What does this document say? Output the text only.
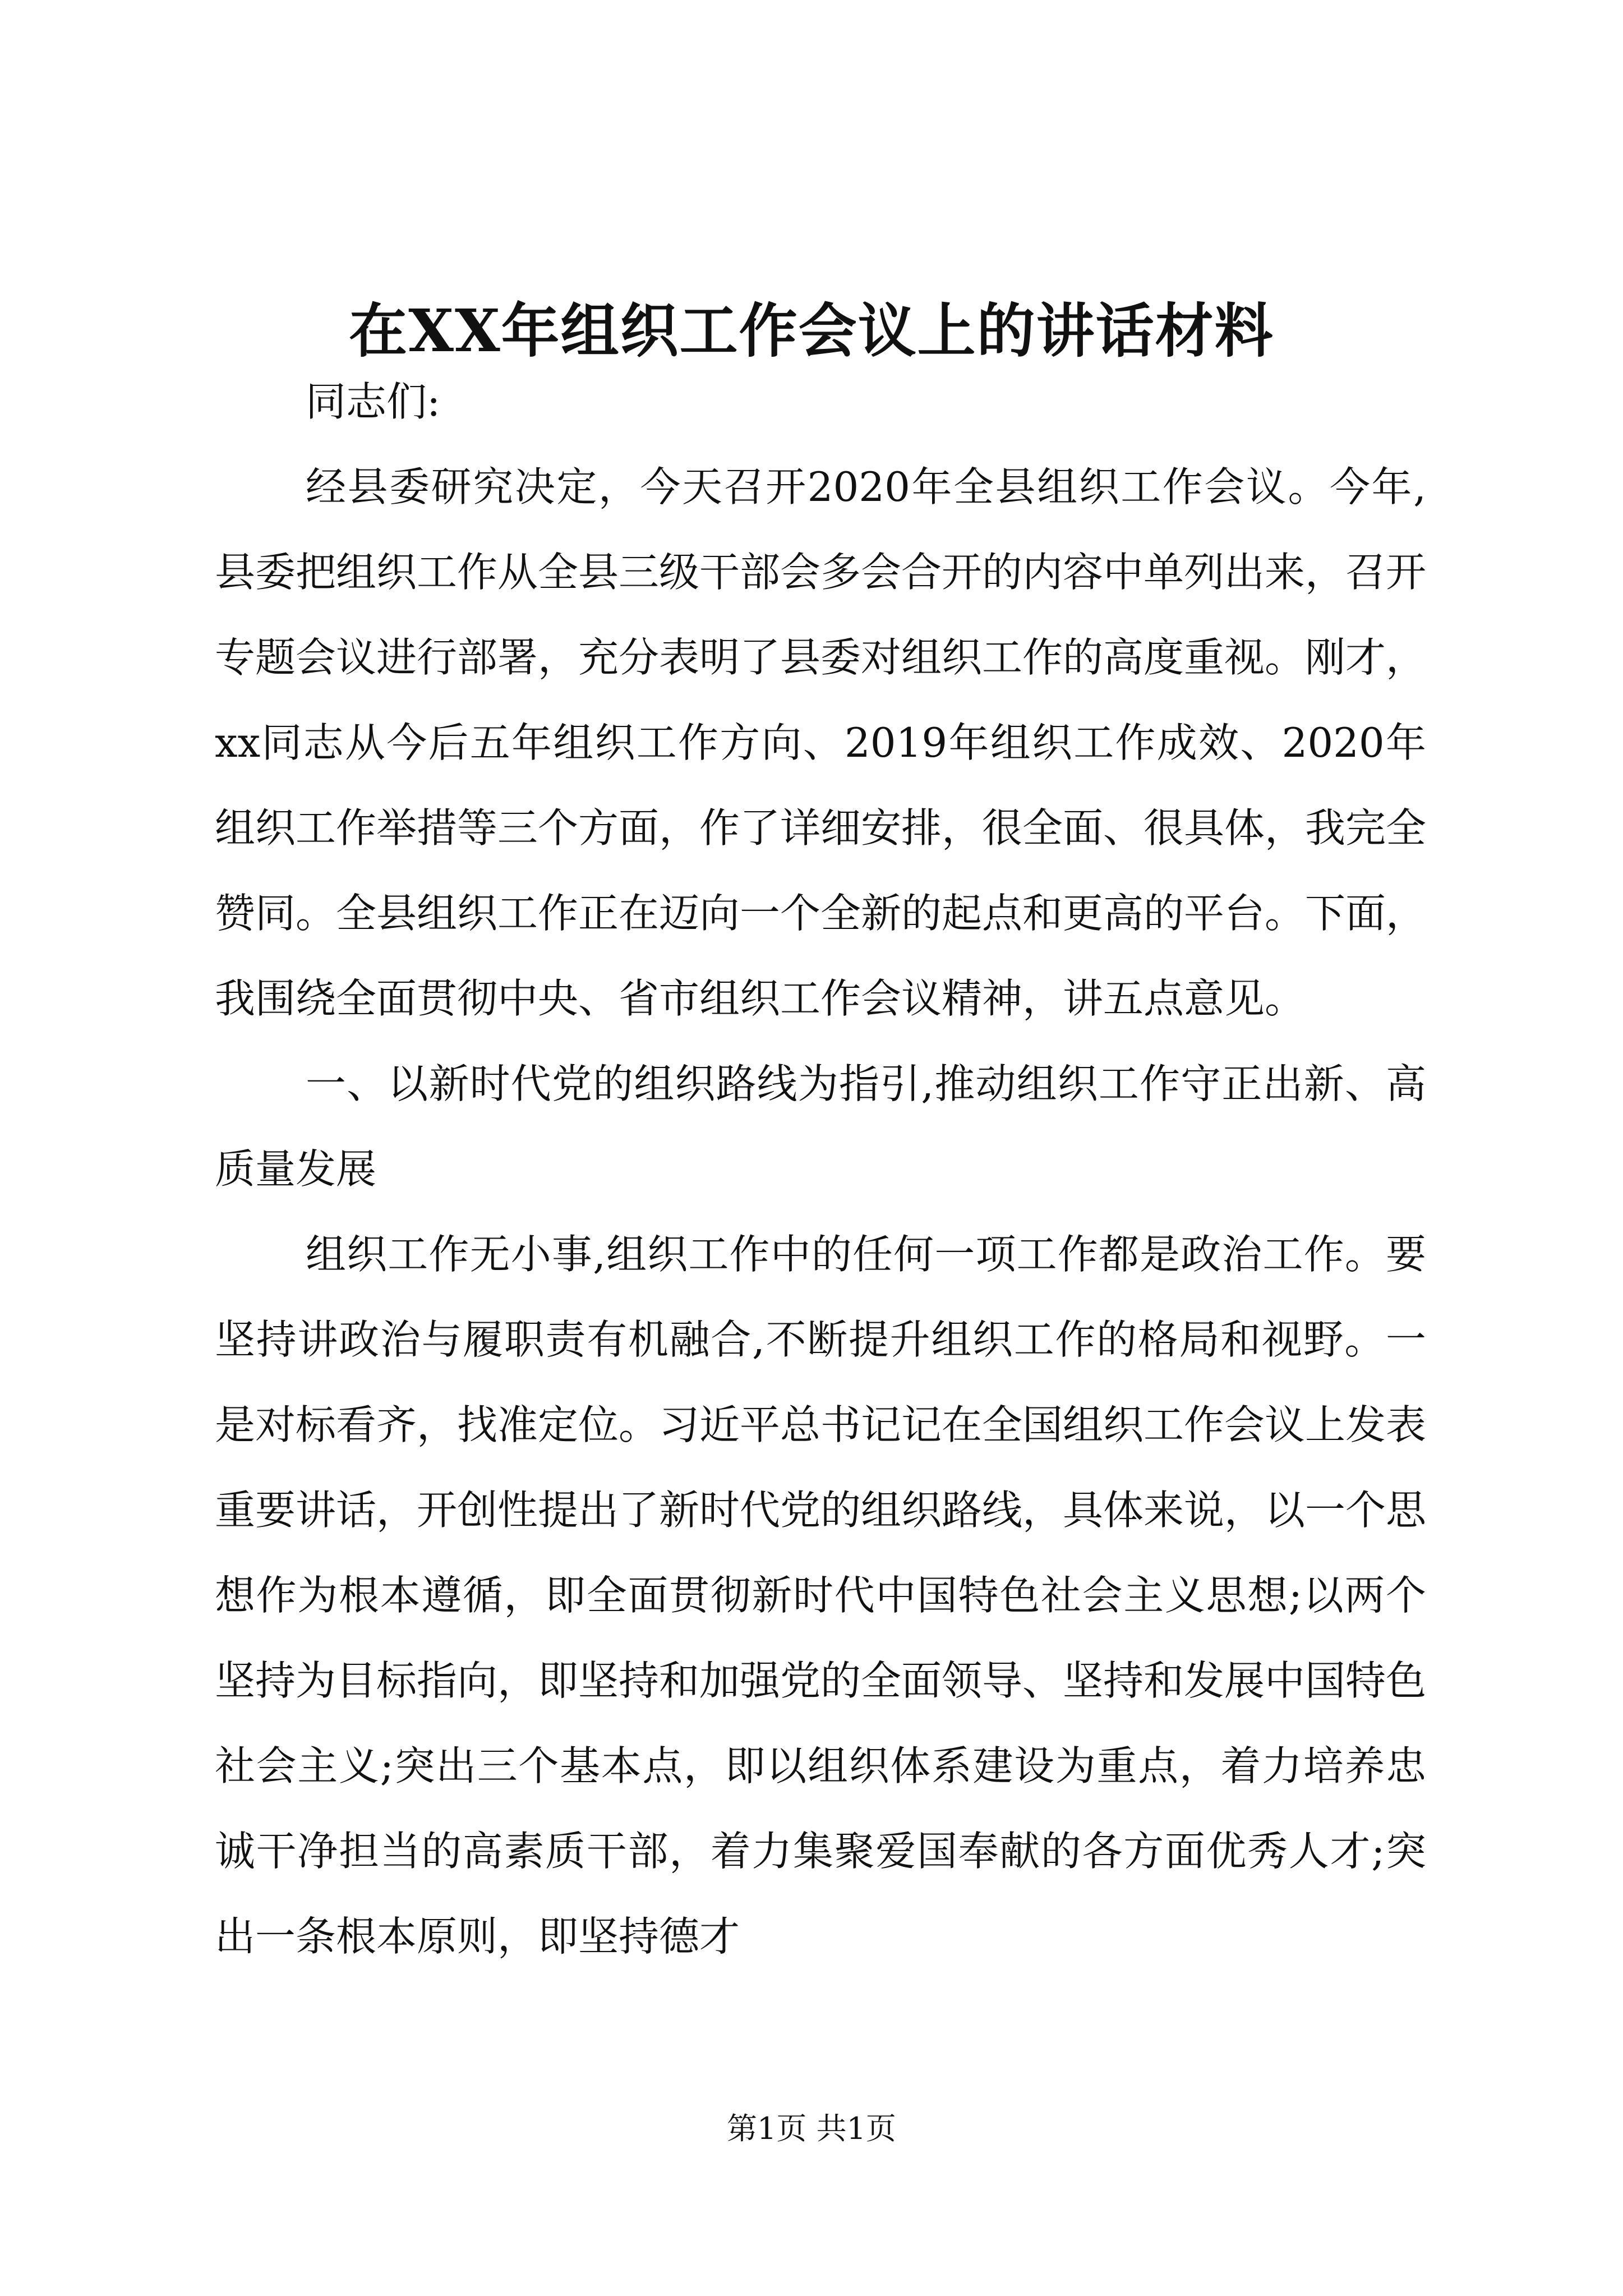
在XX年组织工作会议上的讲话材料

同志们:

经县委研究决定，今天召开2020年全县组织工作会议。今年,县委把组织工作从全县三级干部会多会合开的内容中单列出来，召开专题会议进行部署，充分表明了县委对组织工作的高度重视。刚才，xx同志从今后五年组织工作方向、2019年组织工作成效、2020年组织工作举措等三个方面，作了详细安排，很全面、很具体，我完全赞同。全县组织工作正在迈向一个全新的起点和更高的平台。下面，我围绕全面贯彻中央、省市组织工作会议精神，讲五点意见。

一、以新时代党的组织路线为指引,推动组织工作守正出新、高质量发展

组织工作无小事,组织工作中的任何一项工作都是政治工作。要坚持讲政治与履职责有机融合,不断提升组织工作的格局和视野。一是对标看齐，找准定位。习近平总书记记在全国组织工作会议上发表重要讲话，开创性提出了新时代党的组织路线，具体来说，以一个思想作为根本遵循，即全面贯彻新时代中国特色社会主义思想;以两个坚持为目标指向，即坚持和加强党的全面领导、坚持和发展中国特色社会主义;突出三个基本点，即以组织体系建设为重点，着力培养忠诚干净担当的高素质干部，着力集聚爱国奉献的各方面优秀人才;突出一条根本原则，即坚持德才

第1页 共1页
